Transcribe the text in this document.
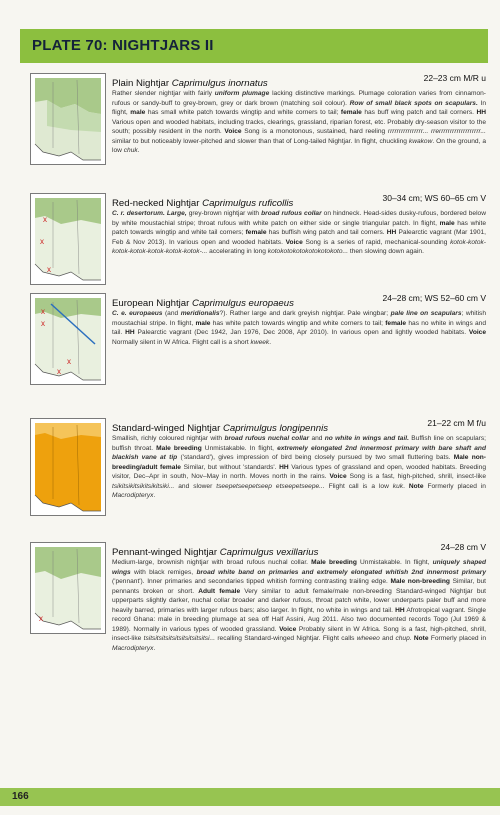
PLATE 70: NIGHTJARS II
Plain Nightjar Caprimulgus inornatus	22–23 cm M/R u

Rather slender nightjar with fairly uniform plumage lacking distinctive markings. Plumage coloration varies from cinnamon-rufous or sandy-buff to grey-brown, grey or dark brown (matching soil colour). Row of small black spots on scapulars. In flight, male has small white patch towards wingtip and white corners to tail; female has buff wing patch and tail corners. HH Various open and wooded habitats, including tracks, clearings, grassland, riparian forest, etc. Probably dry-season visitor to the south; possibly resident in the north. Voice Song is a monotonous, sustained, hard reeling rrrrrrrrrrrrrrrr... rrerrrrrrrrrrrrrrrrrrr... similar to but noticeably lower-pitched and slower than that of Long-tailed Nightjar. In flight, chuckling kwakow. On the ground, a low chuk.

x
x
x
Red-necked Nightjar Caprimulgus ruficollis	30–34 cm; WS 60–65 cm V

C. r. desertorum. Large, grey-brown nightjar with broad rufous collar on hindneck. Head-sides dusky-rufous, bordered below by white moustachial stripe; throat rufous with white patch on either side or single triangular patch. In flight, male has white patch towards wingtip and white tail corners; female has buffish wing patch and tail corners. HH Palearctic vagrant (Mar 1901, Feb & Nov 2013). In various open and wooded habitats. Voice Song is a series of rapid, mechanical-sounding kotok-kotok-kotok-kotok-kotok-kotok-kotok-... accelerating in long kotokotokotokotokotokoto... then slowing down again.

x
x
x
x
European Nightjar Caprimulgus europaeus	24–28 cm; WS 52–60 cm V

C. e. europaeus (and meridionalis?). Rather large and dark greyish nightjar. Pale wingbar; pale line on scapulars; whitish moustachial stripe. In flight, male has white patch towards wingtip and white corners to tail; female has no white in wings and tail. HH Palearctic vagrant (Dec 1942, Jan 1976, Dec 2008, Apr 2010). In various open and lightly wooded habitats. Voice Normally silent in W Africa. Flight call is a short kweek.

Standard-winged Nightjar Caprimulgus longipennis	21–22 cm M f/u

Smallish, richly coloured nightjar with broad rufous nuchal collar and no white in wings and tail. Buffish line on scapulars; buffish throat. Male breeding Unmistakable. In flight, extremely elongated 2nd innermost primary with bare shaft and blackish vane at tip ('standard'), gives impression of bird being closely pursued by two small fluttering bats. Male non-breeding/adult female Similar, but without 'standards'. HH Various types of grassland and open, wooded habitats. Breeding visitor, Dec–Apr in south, Nov–May in north. Moves north in the rains. Voice Song is a fast, high-pitched, shrill, insect-like tsikitsikitsikitsikitsiki... and slower tseepetseepetseep etseepetseepe... Flight call is a low kuk. Note Formerly placed in Macrodipteryx.

x
Pennant-winged Nightjar Caprimulgus vexillarius	24–28 cm V

Medium-large, brownish nightjar with broad rufous nuchal collar. Male breeding Unmistakable. In flight, uniquely shaped wings with black remiges, broad white band on primaries and extremely elongated whitish 2nd innermost primary ('pennant'). Inner primaries and secondaries tipped whitish forming contrasting trailing edge. Male non-breeding Similar, but pennants broken or short. Adult female Very similar to adult female/male non-breeding Standard-winged Nightjar but upperparts slightly darker, nuchal collar broader and darker rufous, throat patch white, lower underparts paler buff and more heavily barred, primaries with larger rufous bars; also larger. In flight, no white in wings and tail. HH Afrotropical vagrant. Single record Ghana: male in breeding plumage at sea off Half Assini, Aug 2011. Also two documented records Togo (Jul 1969 & 1989). Normally in various types of wooded grassland. Voice Probably silent in W Africa. Song is a fast, high-pitched, shrill, insect-like tsitsitsitsitsitsitsitsitsitsi... recalling Standard-winged Nightjar. Flight calls wheeeo and chup. Note Formerly placed in Macrodipteryx.

166
